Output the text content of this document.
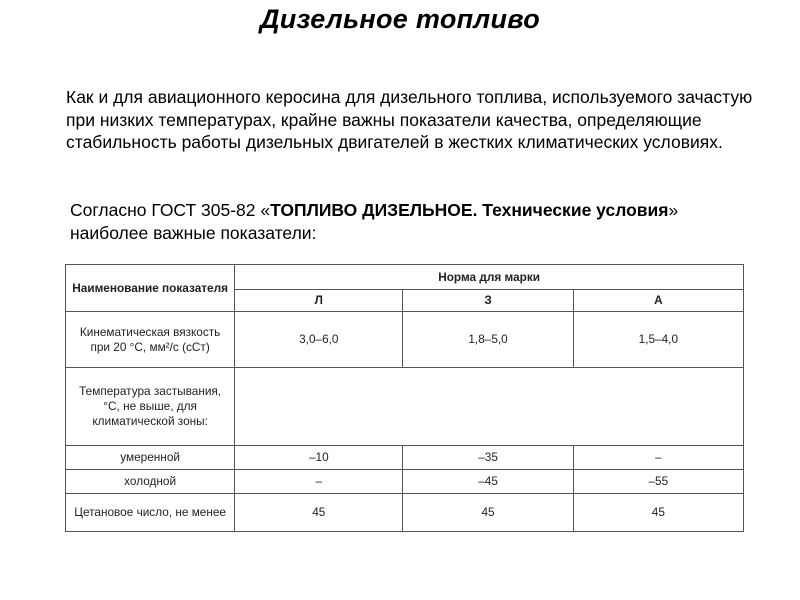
Дизельное топливо
Как и для авиационного керосина для дизельного топлива, используемого зачастую при низких температурах, крайне важны показатели качества, определяющие стабильность работы дизельных двигателей в жестких климатических условиях.
Согласно ГОСТ 305-82 «ТОПЛИВО ДИЗЕЛЬНОЕ. Технические условия» наиболее важные показатели:
Наименование показателя	Норма для марки		
	Л	З	А
Кинематическая вязкость при 20 °С, мм²/с (сСт)	3,0–6,0	1,8–5,0	1,5–4,0
Температура застывания, °С, не выше, для климатической зоны:			
умеренной	–10	–35	–
холодной	–	–45	–55
Цетановое число, не менее	45	45	45
